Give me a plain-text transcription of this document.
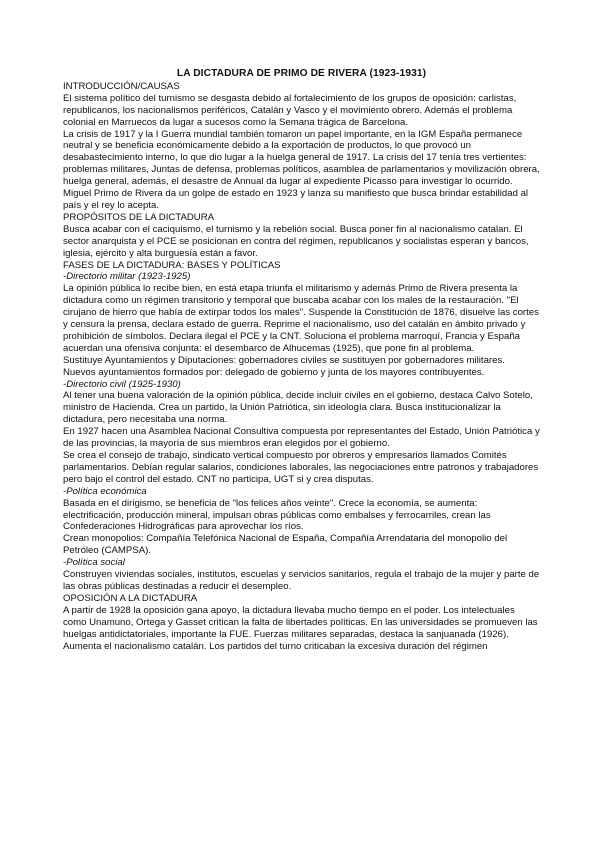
LA DICTADURA DE PRIMO DE RIVERA (1923-1931)
INTRODUCCIÓN/CAUSAS

El sistema político del turnismo se desgasta debido al fortalecimiento de los grupos de oposición: carlistas, republicanos, los nacionalismos periféricos, Catalán y Vasco y el movimiento obrero. Además el problema colonial en Marruecos da lugar a sucesos como la Semana trágica de Barcelona.

La crisis de 1917 y la I Guerra mundial también tomaron un papel importante, en la IGM España permanece neutral y se beneficia económicamente debido a la exportación de productos, lo que provocó un desabastecimiento interno, lo que dio lugar a la huelga general de 1917. La crisis del 17 tenía tres vertientes: problemas militares, Juntas de defensa, problemas políticos, asamblea de parlamentarios y movilización obrera, huelga general, además, el desastre de Annual da lugar al expediente Picasso para investigar lo ocurrido. Miguel Primo de Rivera da un golpe de estado en 1923 y lanza su manifiesto que busca brindar estabilidad al país y el rey lo acepta.

PROPÓSITOS DE LA DICTADURA

Busca acabar con el caciquismo, el turnismo y la rebelión social. Busca poner fin al nacionalismo catalan. El sector anarquista y el PCE se posicionan en contra del régimen, republicanos y socialistas esperan y bancos, iglesia, ejército y alta burguesía están a favor.

FASES DE LA DICTADURA: BASES Y POLÍTICAS
-Directorio militar (1923-1925)

La opinión pública lo recibe bien, en está etapa triunfa el militarismo y además Primo de Rivera presenta la dictadura como un régimen transitorio y temporal que buscaba acabar con los males de la restauración. "El cirujano de hierro que había de extirpar todos los males". Suspende la Constitución de 1876, disuelve las cortes y censura la prensa, declara estado de guerra. Reprime el nacionalismo, uso del catalán en ámbito privado y prohibición de símbolos. Declara ilegal el PCE y la CNT. Soluciona el problema marroquí, Francia y España acuerdan una ofensiva conjunta: el desembarco de Alhucemas (1925), que pone fin al problema.

Sustituye Ayuntamientos y Diputaciones: gobernadores civiles se sustituyen por gobernadores militares. Nuevos ayuntamientos formados por: delegado de gobierno y junta de los mayores contribuyentes.

-Directorio civil (1925-1930)

Al tener una buena valoración de la opinión pública, decide incluir civiles en el gobierno, destaca Calvo Sotelo, ministro de Hacienda. Crea un partido, la Unión Patriótica, sin ideología clara. Busca institucionalizar la dictadura, pero necesitaba una norma.

En 1927 hacen una Asamblea Nacional Consultiva compuesta por representantes del Estado, Unión Patriótica y de las provincias, la mayoría de sus miembros eran elegidos por el gobierno.

Se crea el consejo de trabajo, sindicato vertical compuesto por obreros y empresarios llamados Comités parlamentarios. Debían regular salarios, condiciones laborales, las negociaciones entre patronos y trabajadores pero bajo el control del estado. CNT no participa, UGT si y crea disputas.

-Política económica

Basada en el dirigismo, se beneficia de "los felices años veinte". Crece la economía, se aumenta: electrificación, producción mineral, impulsan obras públicas como embalses y ferrocarriles, crean las Confederaciones Hidrográficas para aprovechar los ríos.

Crean monopolios: Compañía Telefónica Nacional de España, Compañía Arrendataria del monopolio del Petróleo (CAMPSA).

-Política social

Construyen viviendas sociales, institutos, escuelas y servicios sanitarios, regula el trabajo de la mujer y parte de las obras públicas destinadas a reducir el desempleo.

OPOSICIÓN A LA DICTADURA

A partir de 1928 la oposición gana apoyo, la dictadura llevaba mucho tiempo en el poder. Los intelectuales como Unamuno, Ortega y Gasset critican la falta de libertades políticas. En las universidades se promueven las huelgas antidictatoriales, importante la FUE. Fuerzas militares separadas, destaca la sanjuanada (1926). Aumenta el nacionalismo catalán. Los partidos del turno criticaban la excesiva duración del régimen
